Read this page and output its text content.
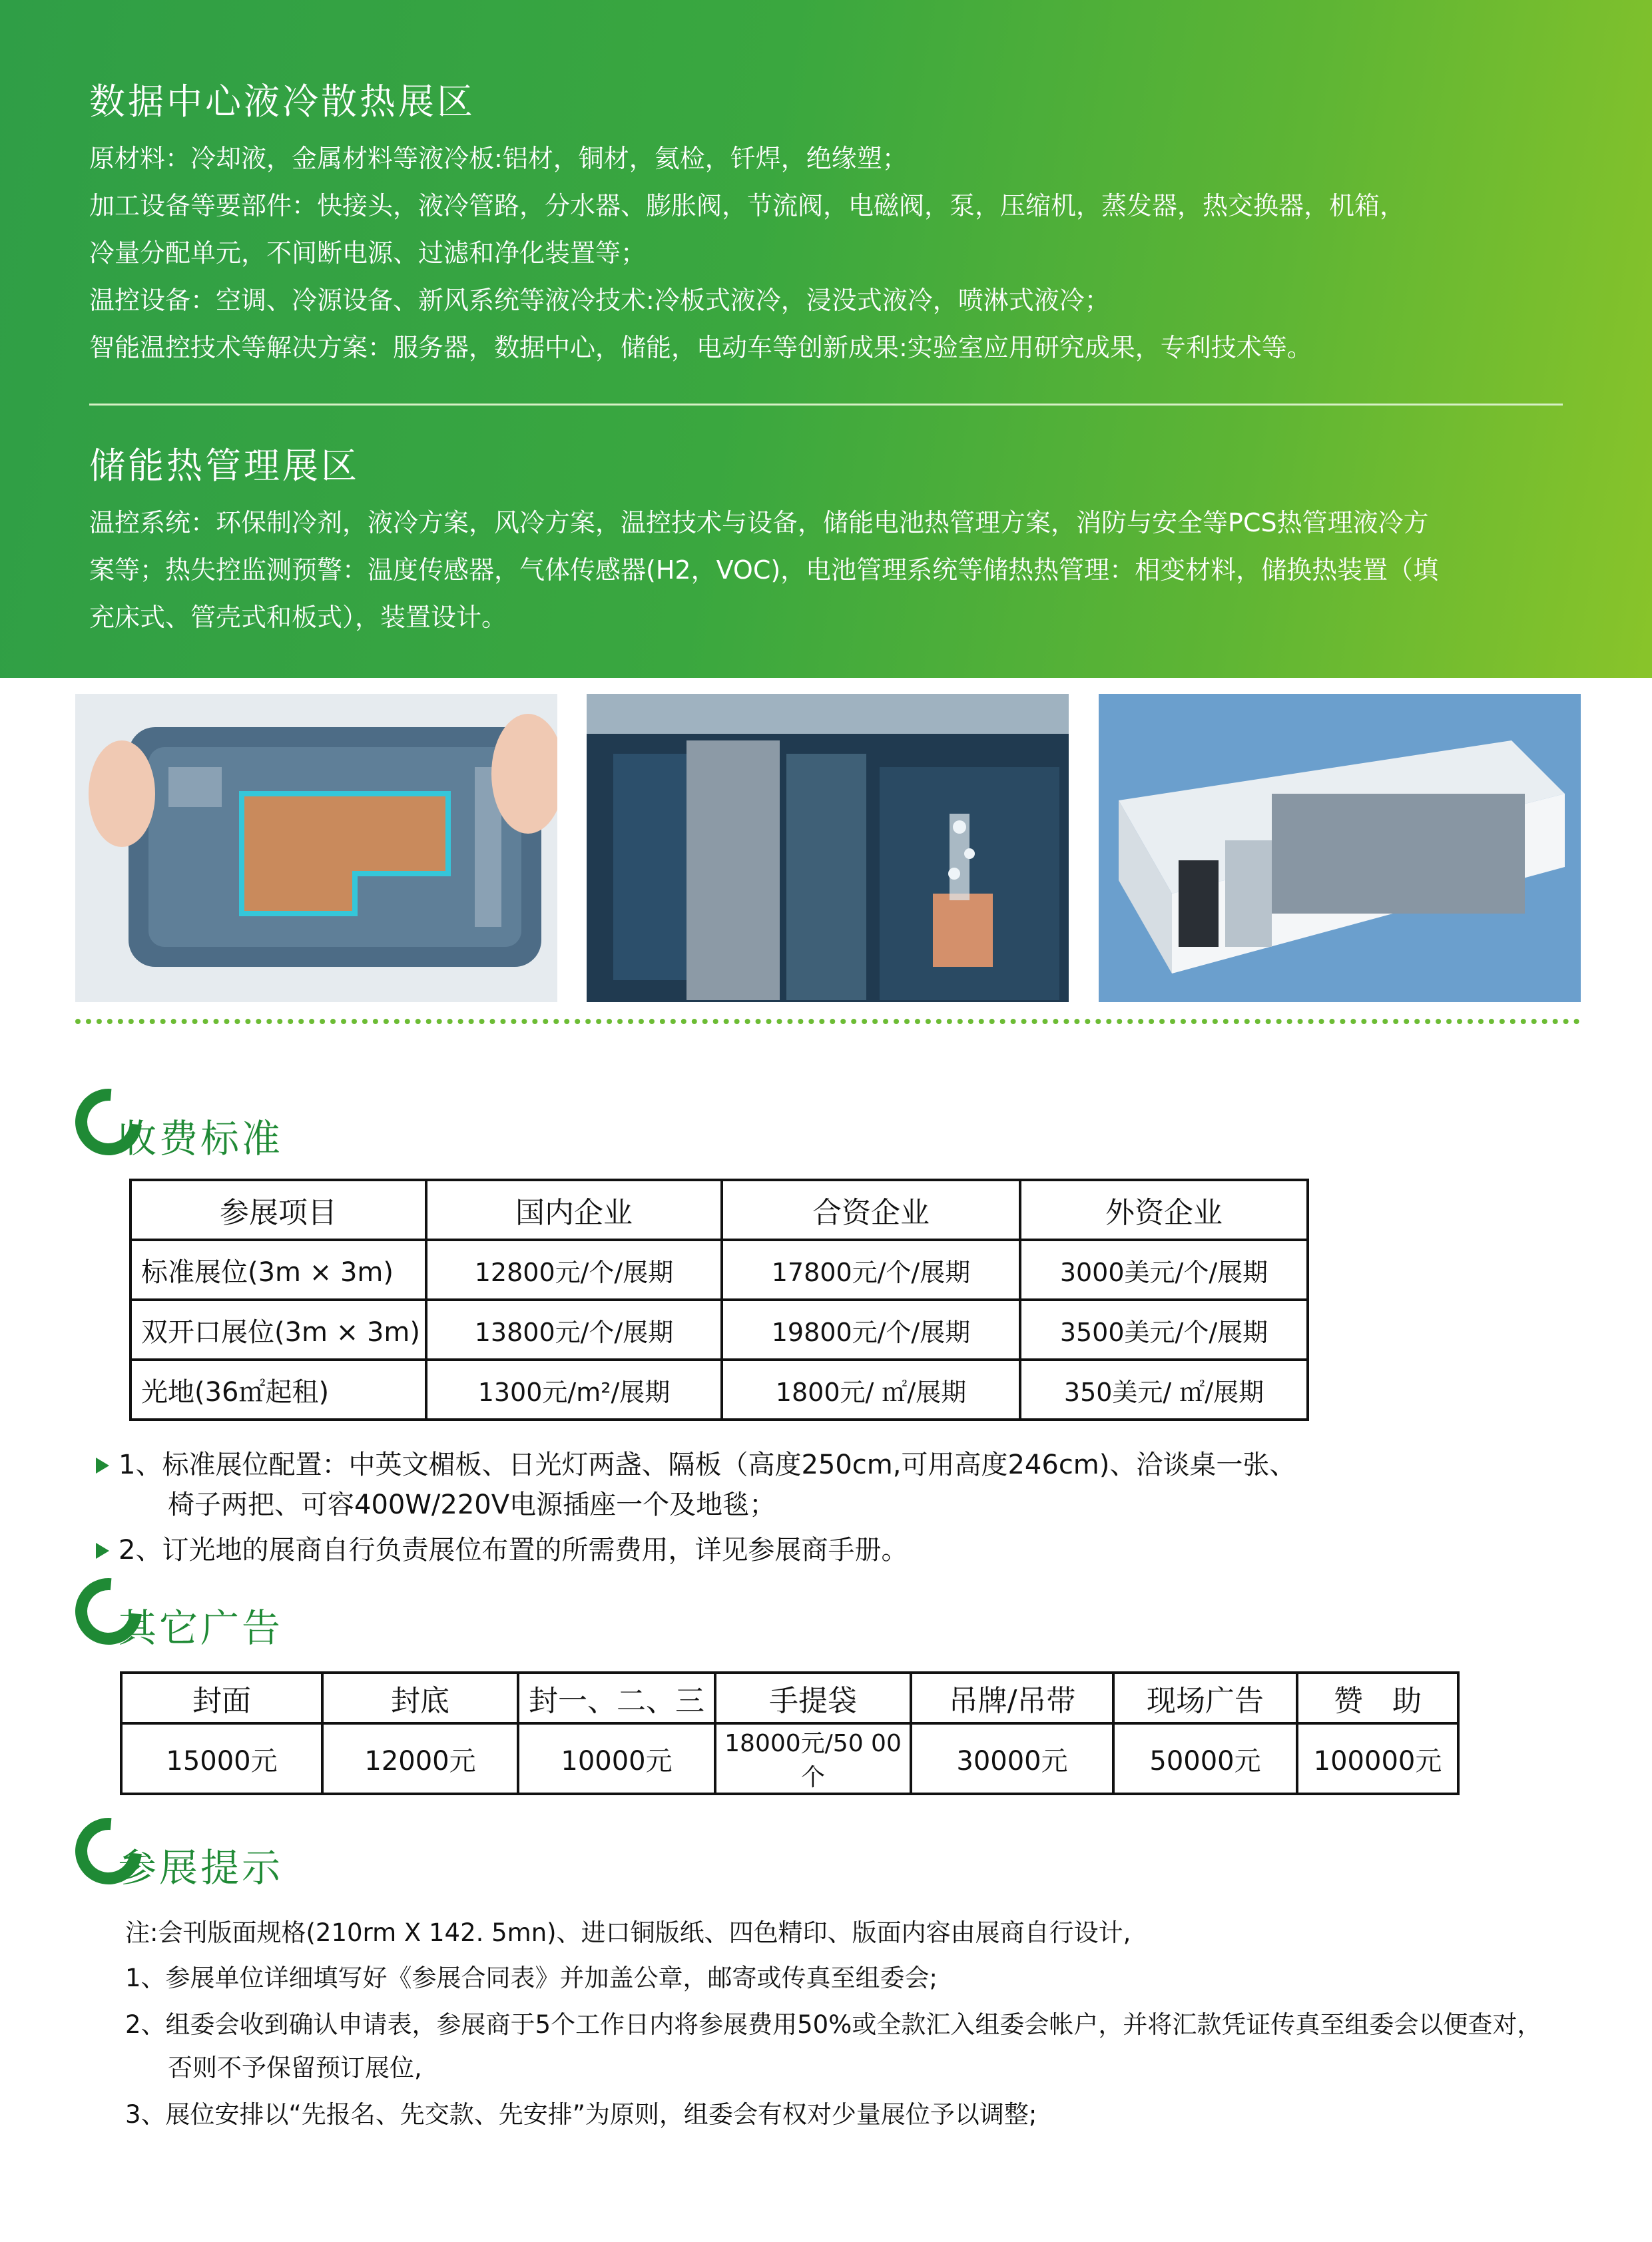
数据中心液冷散热展区
原材料：冷却液，金属材料等液冷板:铝材，铜材，氦检，钎焊，绝缘塑；
加工设备等要部件：快接头，液冷管路，分水器、膨胀阀，节流阀，电磁阀，泵，压缩机，蒸发器，热交换器，机箱，
冷量分配单元，不间断电源、过滤和净化装置等；
温控设备：空调、冷源设备、新风系统等液冷技术:冷板式液冷，浸没式液冷，喷淋式液冷；
智能温控技术等解决方案：服务器，数据中心，储能，电动车等创新成果:实验室应用研究成果，专利技术等。
储能热管理展区
温控系统：环保制冷剂，液冷方案，风冷方案，温控技术与设备，储能电池热管理方案，消防与安全等PCS热管理液冷方
案等；热失控监测预警：温度传感器，气体传感器(H2，VOC)，电池管理系统等储热热管理：相变材料，储换热装置（填
充床式、管壳式和板式），装置设计。
收费标准
参展项目	国内企业	合资企业	外资企业
标准展位(3m × 3m)	12800元/个/展期	17800元/个/展期	3000美元/个/展期
双开口展位(3m × 3m)	13800元/个/展期	19800元/个/展期	3500美元/个/展期
光地(36㎡起租)	1300元/m²/展期	1800元/ ㎡/展期	350美元/ ㎡/展期
1、标准展位配置：中英文楣板、日光灯两盏、隔板（高度250cm,可用高度246cm)、洽谈桌一张、
椅子两把、可容400W/220V电源插座一个及地毯；
2、订光地的展商自行负责展位布置的所需费用，详见参展商手册。
其它广告
封面	封底	封一、二、三	手提袋	吊牌/吊带	现场广告	赞　助
15000元	12000元	10000元	18000元/50 00个	30000元	50000元	100000元
参展提示
注:会刊版面规格(210rm X 142. 5mn)、进口铜版纸、四色精印、版面内容由展商自行设计,
1、参展单位详细填写好《参展合同表》并加盖公章，邮寄或传真至组委会;
2、组委会收到确认申请表，参展商于5个工作日内将参展费用50%或全款汇入组委会帐户，并将汇款凭证传真至组委会以便查对，
否则不予保留预订展位,
3、展位安排以“先报名、先交款、先安排”为原则，组委会有权对少量展位予以调整;
